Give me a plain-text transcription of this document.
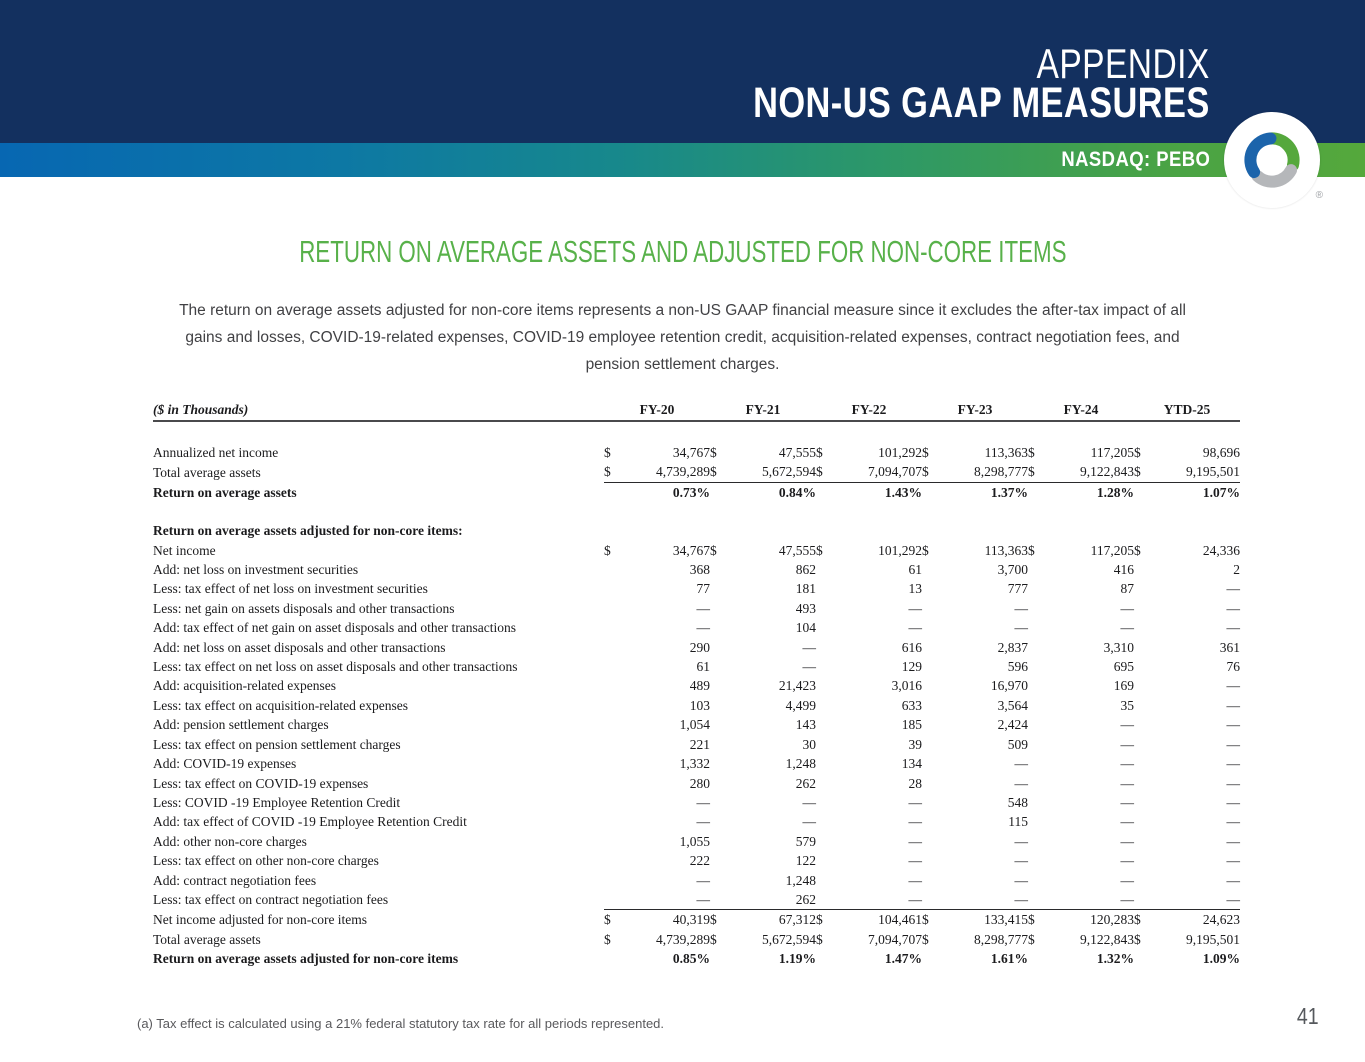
APPENDIX
NON-US GAAP MEASURES
NASDAQ: PEBO
®
RETURN ON AVERAGE ASSETS AND ADJUSTED FOR NON-CORE ITEMS
The return on average assets adjusted for non-core items represents a non-US GAAP financial measure since it excludes the after-tax impact of all gains and losses, COVID-19-related expenses, COVID-19 employee retention credit, acquisition-related expenses, contract negotiation fees, and pension settlement charges.
($ in Thousands)	FY-20		FY-21		FY-22		FY-23		FY-24		YTD-25	

Annualized net income	$	34,767	$	47,555	$	101,292	$	113,363	$	117,205	$	98,696
Total average assets	$	4,739,289	$	5,672,594	$	7,094,707	$	8,298,777	$	9,122,843	$	9,195,501
Return on average assets		0.73%		0.84%		1.43%		1.37%		1.28%		1.07%

Return on average assets adjusted for non-core items:												
Net income	$	34,767	$	47,555	$	101,292	$	113,363	$	117,205	$	24,336
Add: net loss on investment securities		368		862		61		3,700		416		2
Less: tax effect of net loss on investment securities		77		181		13		777		87		—
Less: net gain on assets disposals and other transactions		—		493		—		—		—		—
Add: tax effect of net gain on asset disposals and other transactions		—		104		—		—		—		—
Add: net loss on asset disposals and other transactions		290		—		616		2,837		3,310		361
Less: tax effect on net loss on asset disposals and other transactions		61		—		129		596		695		76
Add: acquisition-related expenses		489		21,423		3,016		16,970		169		—
Less: tax effect on acquisition-related expenses		103		4,499		633		3,564		35		—
Add: pension settlement charges		1,054		143		185		2,424		—		—
Less: tax effect on pension settlement charges		221		30		39		509		—		—
Add: COVID-19 expenses		1,332		1,248		134		—		—		—
Less: tax effect on COVID-19 expenses		280		262		28		—		—		—
Less: COVID -19 Employee Retention Credit		—		—		—		548		—		—
Add: tax effect of COVID -19 Employee Retention Credit		—		—		—		115		—		—
Add: other non-core charges		1,055		579		—		—		—		—
Less: tax effect on other non-core charges		222		122		—		—		—		—
Add: contract negotiation fees		—		1,248		—		—		—		—
Less: tax effect on contract negotiation fees		—		262		—		—		—		—
Net income adjusted for non-core items	$	40,319	$	67,312	$	104,461	$	133,415	$	120,283	$	24,623
Total average assets	$	4,739,289	$	5,672,594	$	7,094,707	$	8,298,777	$	9,122,843	$	9,195,501
Return on average assets adjusted for non-core items		0.85%		1.19%		1.47%		1.61%		1.32%		1.09%
(a) Tax effect is calculated using a 21% federal statutory tax rate for all periods represented.	41
